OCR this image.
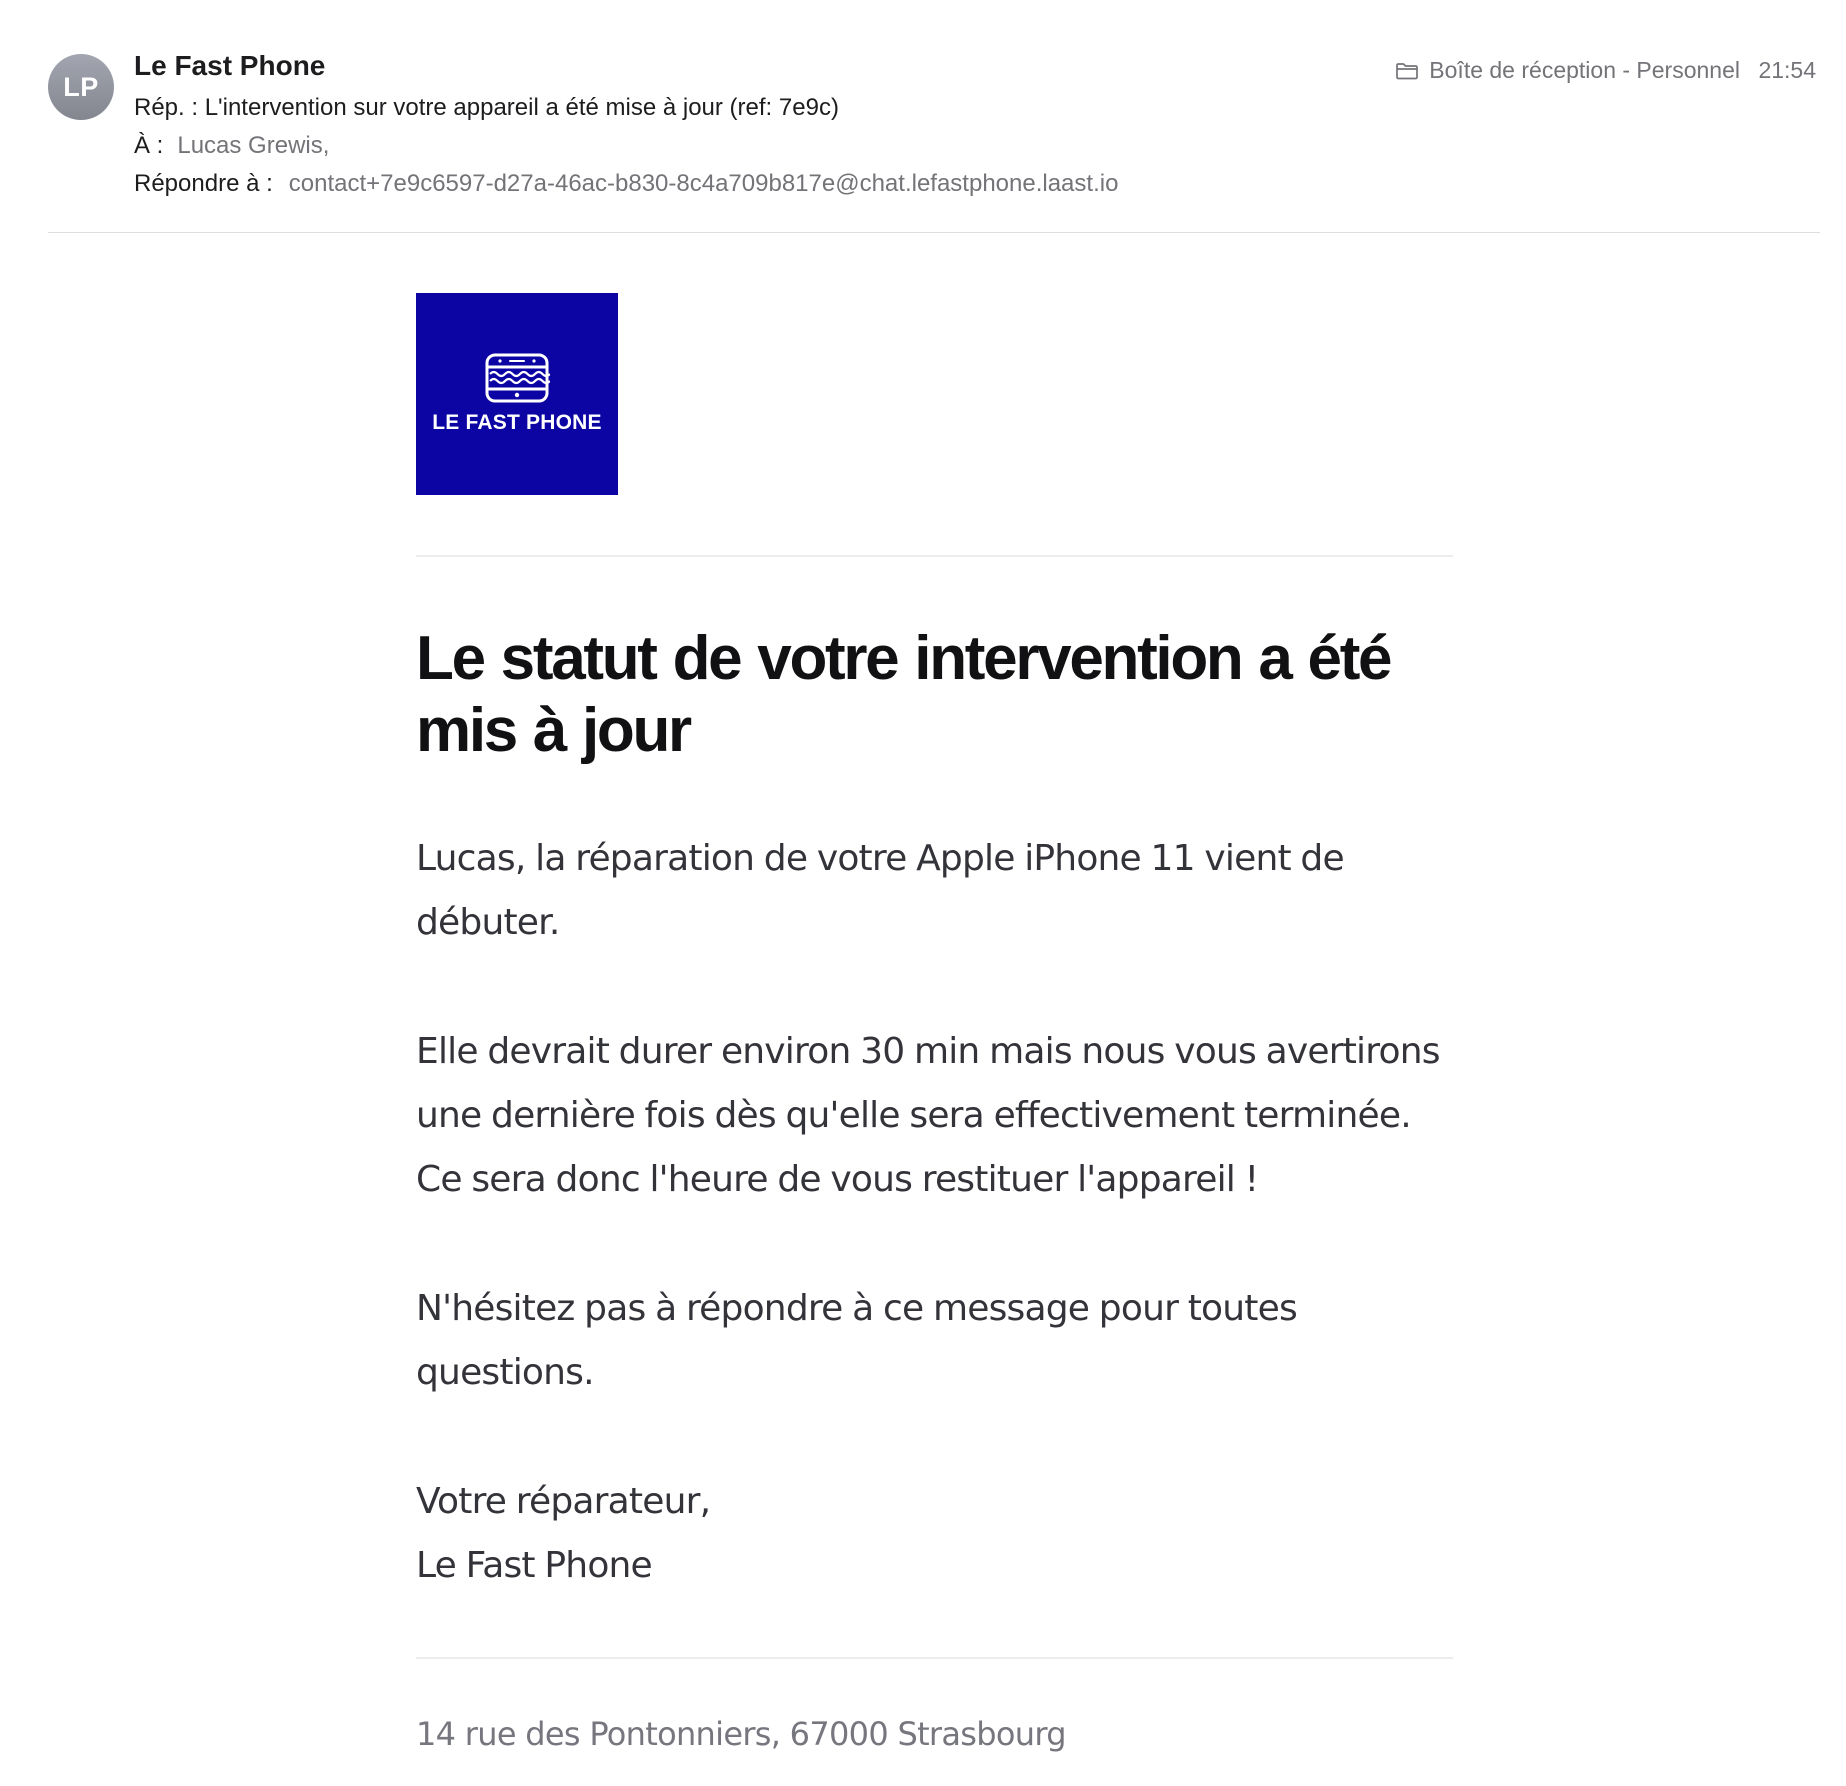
LP
Le Fast Phone
Rép. : L'intervention sur votre appareil a été mise à jour (ref: 7e9c)
À : Lucas Grewis,
Répondre à : contact+7e9c6597-d27a-46ac-b830-8c4a709b817e@chat.lefastphone.laast.io
Boîte de réception - Personnel 21:54
LE FAST PHONE
Le statut de votre intervention a été mis à jour

Lucas, la réparation de votre Apple iPhone 11 vient de débuter.

Elle devrait durer environ 30 min mais nous vous avertirons une dernière fois dès qu'elle sera effectivement terminée. Ce sera donc l'heure de vous restituer l'appareil !

N'hésitez pas à répondre à ce message pour toutes questions.

Votre réparateur,
Le Fast Phone
14 rue des Pontonniers, 67000 Strasbourg
